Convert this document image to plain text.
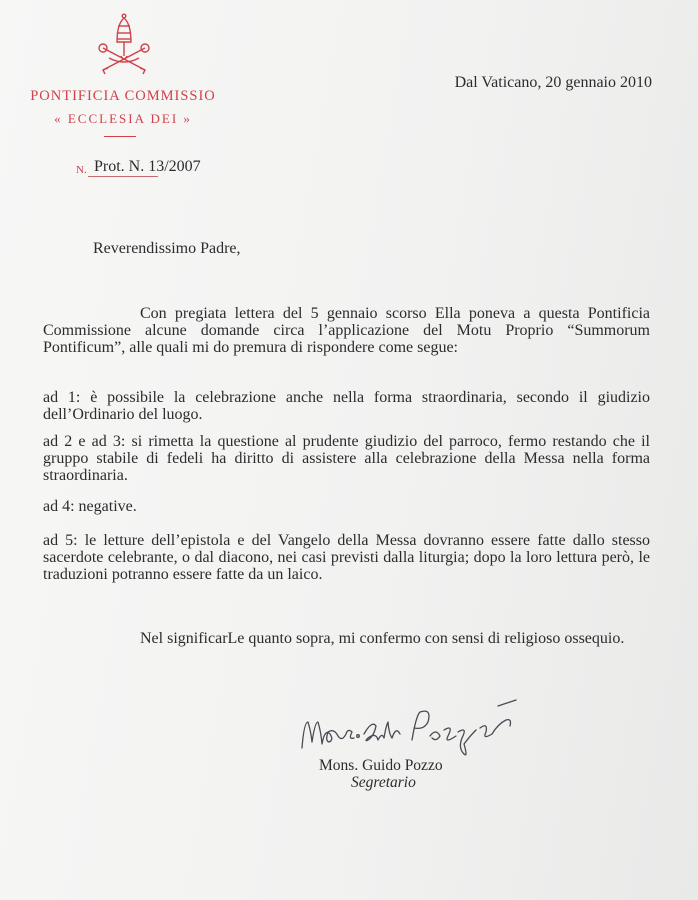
PONTIFICIA COMMISSIO
« ECCLESIA DEI »
N. Prot. N. 13/2007
Dal Vaticano, 20 gennaio 2010
Reverendissimo Padre,

Con pregiata lettera del 5 gennaio scorso Ella poneva a questa Pontificia Commissione alcune domande circa l’applicazione del Motu Proprio “Summorum Pontificum”, alle quali mi do premura di rispondere come segue:

ad 1: è possibile la celebrazione anche nella forma straordinaria, secondo il giudizio dell’Ordinario del luogo.

ad 2 e ad 3: si rimetta la questione al prudente giudizio del parroco, fermo restando che il gruppo stabile di fedeli ha diritto di assistere alla celebrazione della Messa nella forma straordinaria.

ad 4: negative.

ad 5: le letture dell’epistola e del Vangelo della Messa dovranno essere fatte dallo stesso sacerdote celebrante, o dal diacono, nei casi previsti dalla liturgia; dopo la loro lettura però, le traduzioni potranno essere fatte da un laico.

Nel significarLe quanto sopra, mi confermo con sensi di religioso ossequio.

Mons. Guido Pozzo
Segretario
